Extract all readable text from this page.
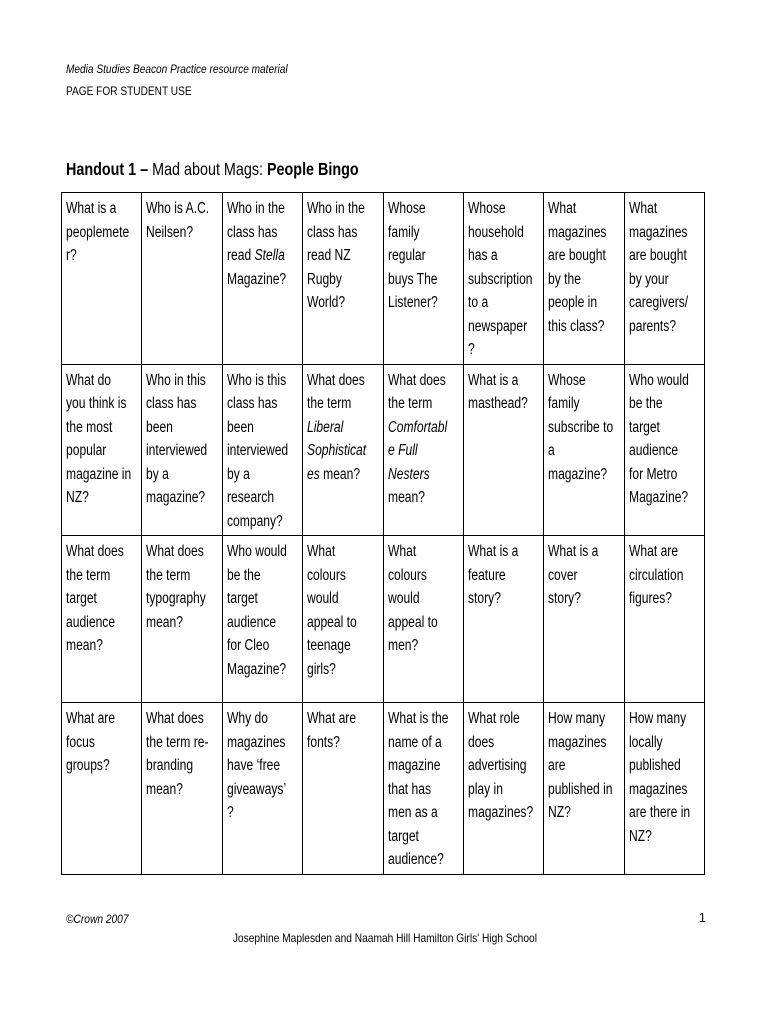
Media Studies Beacon Practice resource material
PAGE FOR STUDENT USE
Handout 1 – Mad about Mags: People Bingo
What is a peoplemeter?	Who is A.C. Neilsen?	Who in the class has read Stella Magazine?	Who in the class has read NZ Rugby World?	Whose family regular buys The Listener?	Whose household has a subscription to a newspaper?	What magazines are bought by the people in this class?	What magazines are bought by your caregivers/parents?

What do you think is the most popular magazine in NZ?	Who in this class has been interviewed by a magazine?	Who is this class has been interviewed by a research company?	What does the term Liberal Sophisticates mean?	What does the term Comfortable Full Nesters mean?	What is a masthead?	Whose family subscribe to a magazine?	Who would be the target audience for Metro Magazine?

What does the term target audience mean?	What does the term typography mean?	Who would be the target audience for Cleo Magazine?	What colours would appeal to teenage girls?	What colours would appeal to men?	What is a feature story?	What is a cover story?	What are circulation figures?

What are focus groups?	What does the term re-branding mean?	Why do magazines have ‘free giveaways’?	What are fonts?	What is the name of a magazine that has men as a target audience?	What role does advertising play in magazines?	How many magazines are published in NZ?	How many locally published magazines are there in NZ?
©Crown 2007	1
Josephine Maplesden and Naamah Hill Hamilton Girls' High School
